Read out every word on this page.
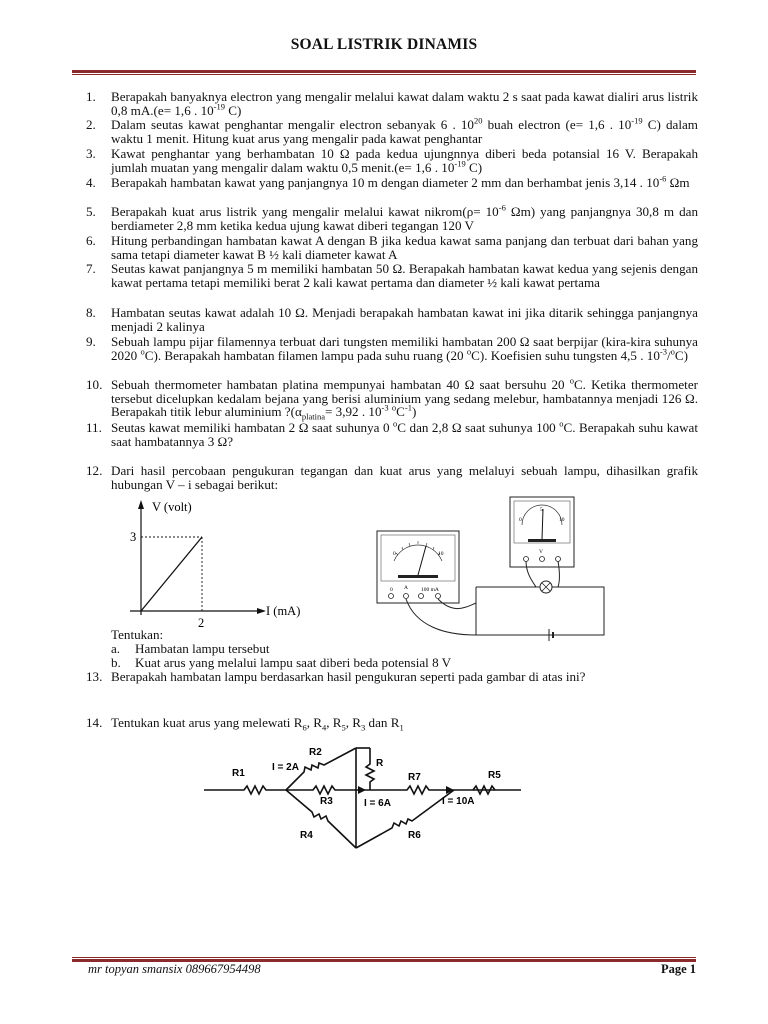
SOAL LISTRIK DINAMIS
1. Berapakah banyaknya electron yang mengalir melalui kawat dalam waktu 2 s saat pada kawat dialiri arus listrik 0,8 mA.(e= 1,6 . $10^{-19}$ C)
2. Dalam seutas kawat penghantar mengalir electron sebanyak 6 . $10^{20}$ buah electron (e= 1,6 . $10^{-19}$ C) dalam waktu 1 menit. Hitung kuat arus yang mengalir pada kawat penghantar
3. Kawat penghantar yang berhambatan 10 Ω pada kedua ujungnnya diberi beda potansial 16 V. Berapakah jumlah muatan yang mengalir dalam waktu 0,5 menit.(e= 1,6 . $10^{-19}$ C)
4. Berapakah hambatan kawat yang panjangnya 10 m dengan diameter 2 mm dan berhambat jenis 3,14 . $10^{-6}$ Ωm
5. Berapakah kuat arus listrik yang mengalir melalui kawat nikrom(ρ= $10^{-6}$ Ωm) yang panjangnya 30,8 m dan berdiameter 2,8 mm ketika kedua ujung kawat diberi tegangan 120 V
6. Hitung perbandingan hambatan kawat A dengan B jika kedua kawat sama panjang dan terbuat dari bahan yang sama tetapi diameter kawat B ½ kali diameter kawat A
7. Seutas kawat panjangnya 5 m memiliki hambatan 50 Ω. Berapakah hambatan kawat kedua yang sejenis dengan kawat pertama tetapi memiliki berat 2 kali kawat pertama dan diameter ½ kali kawat pertama
8. Hambatan seutas kawat adalah 10 Ω. Menjadi berapakah hambatan kawat ini jika ditarik sehingga panjangnya menjadi 2 kalinya
9. Sebuah lampu pijar filamennya terbuat dari tungsten memiliki hambatan 200 Ω saat berpijar (kira-kira suhunya 2020 $^o$C). Berapakah hambatan filamen lampu pada suhu ruang (20 $^o$C). Koefisien suhu tungsten 4,5 . $10^{-3}/^oC$)
10. Sebuah thermometer hambatan platina mempunyai hambatan 40 Ω saat bersuhu 20 $^o$C. Ketika thermometer tersebut dicelupkan kedalam bejana yang berisi aluminium yang sedang melebur, hambatannya menjadi 126 Ω. Berapakah titik lebur aluminium $?(\alpha_{platina}= 3,92$ . $10^{-3}$ $^oC^{-1}$)
11. Seutas kawat memiliki hambatan 2 Ω saat suhunya 0 $^o$C dan 2,8 Ω saat suhunya 100 $^o$C. Berapakah suhu kawat saat hambatannya 3 Ω?
12. Dari hasil percobaan pengukuran tegangan dan kuat arus yang melaluyi sebuah lampu, dihasilkan grafik hubungan V – i sebagai berikut:
V (volt)
I (mA)
3
2
0	10
0 A 100 mA
0
5
10
V
Tentukan:
a. Hambatan lampu tersebut
b. Kuat arus yang melalui lampu saat diberi beda potensial 8 V
13. Berapakah hambatan lampu berdasarkan hasil pengukuran seperti pada gambar di atas ini?
14. Tentukan kuat arus yang melewati $R_6$, $R_4$, $R_5$, $R_3$ dan $R_1$
R1
I = 2A
R2
R
R7	R5
R3	I = 6A	I = 10A
R4	R6
mr topyan smansix 089667954498	Page 1
